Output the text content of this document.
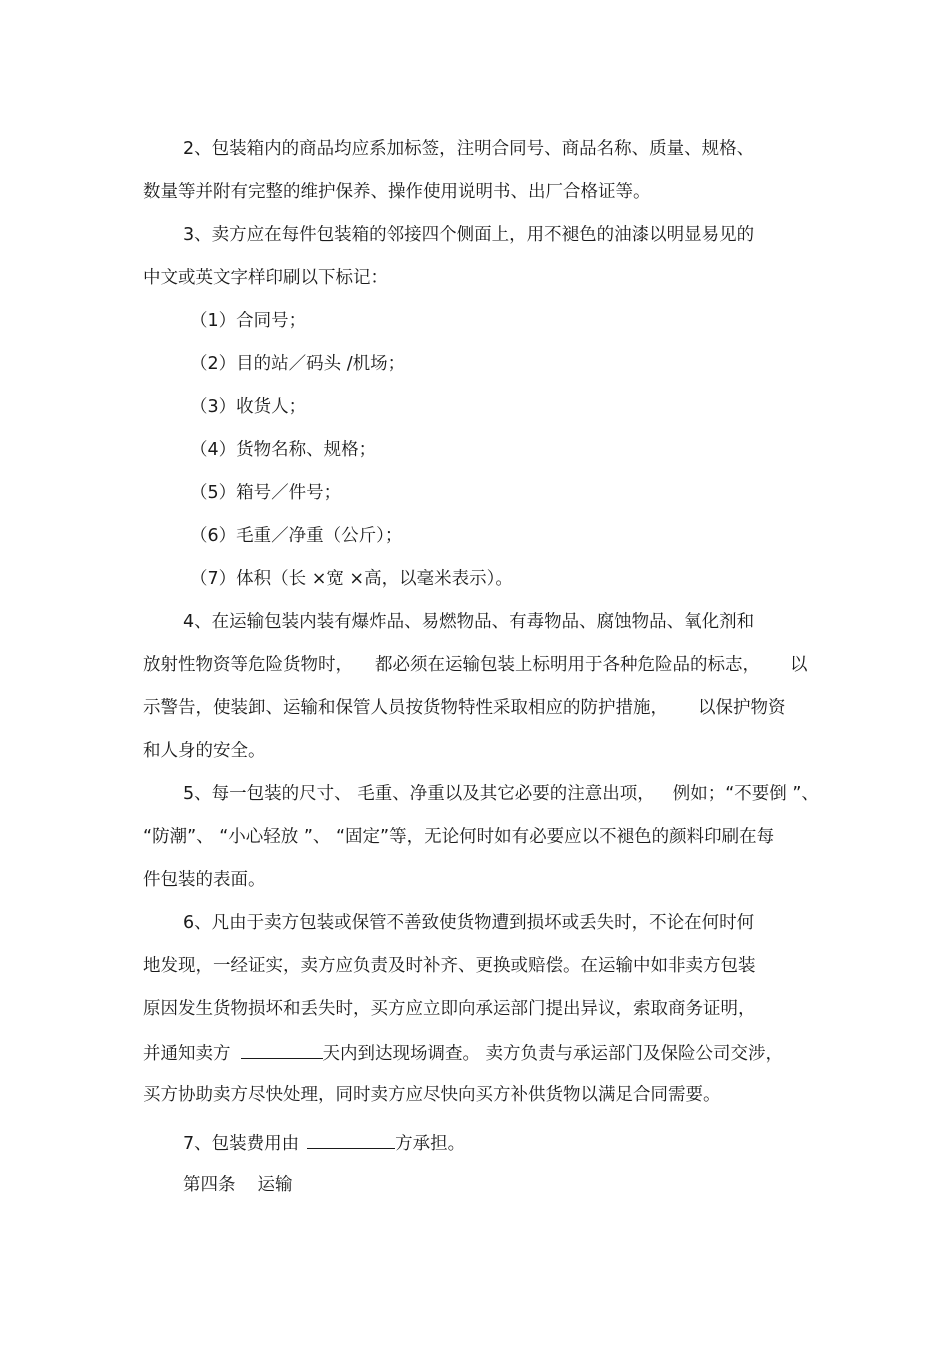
2、包装箱内的商品均应系加标签，注明合同号、商品名称、质量、规格、
数量等并附有完整的维护保养、操作使用说明书、出厂合格证等。
3、卖方应在每件包装箱的邻接四个侧面上，用不褪色的油漆以明显易见的
中文或英文字样印刷以下标记：
（1）合同号；
（2）目的站／码头 /机场；
（3）收货人；
（4）货物名称、规格；
（5）箱号／件号；
（6）毛重／净重（公斤）；
（7）体积（长 ×宽 ×高，以毫米表示）。
4、在运输包装内装有爆炸品、易燃物品、有毒物品、腐蚀物品、氧化剂和
放射性物资等危险货物时， 都必须在运输包装上标明用于各种危险品的标志， 以
示警告，使装卸、运输和保管人员按货物特性采取相应的防护措施， 以保护物资
和人身的安全。
5、每一包装的尺寸、 毛重、净重以及其它必要的注意出项， 例如；“不要倒 ”、
“防潮”、 “小心轻放 ”、 “固定”等，无论何时如有必要应以不褪色的颜料印刷在每
件包装的表面。
6、凡由于卖方包装或保管不善致使货物遭到损坏或丢失时，不论在何时何
地发现，一经证实，卖方应负责及时补齐、更换或赔偿。在运输中如非卖方包装
原因发生货物损坏和丢失时，买方应立即向承运部门提出异议，索取商务证明，
并通知卖方	天内到达现场调查。 卖方负责与承运部门及保险公司交涉，
买方协助卖方尽快处理，同时卖方应尽快向买方补供货物以满足合同需要。
7、包装费用由	方承担。
第四条 运输
